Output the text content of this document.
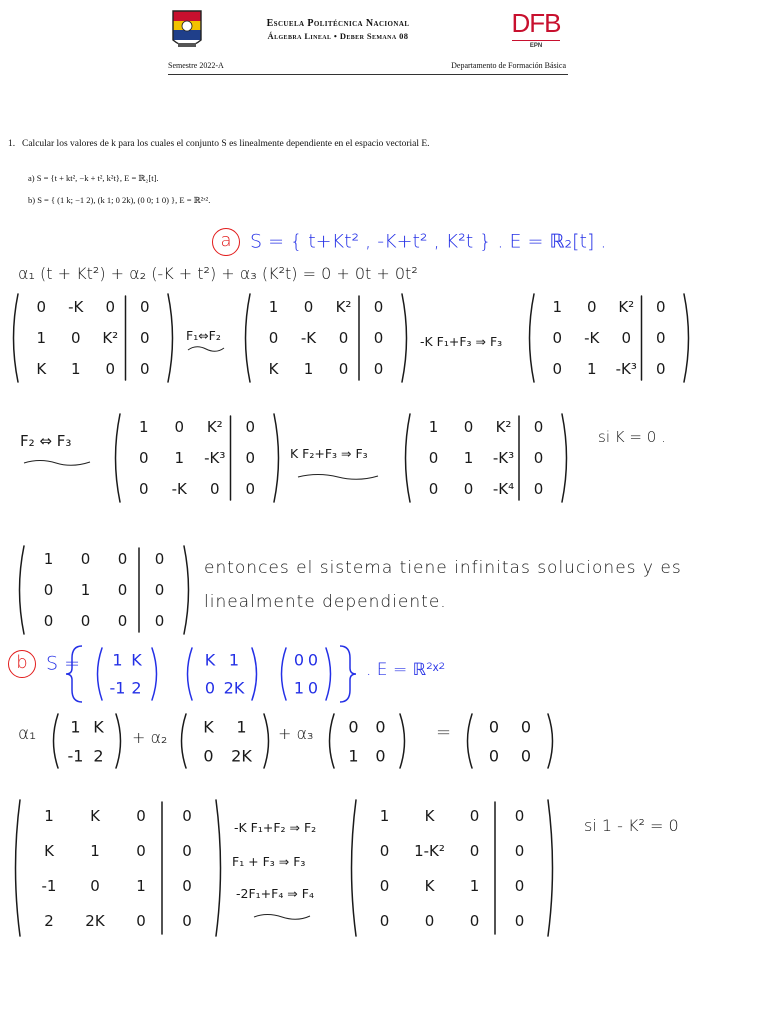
Escuela Politécnica Nacional
Álgebra Lineal • Deber Semana 08	DFB
EPN
Semestre 2022-A	Departamento de Formación Básica
1. Calcular los valores de k para los cuales el conjunto S es linealmente dependiente en el espacio vectorial E.
a) S = {t + kt², −k + t², k²t}, E = ℝ₂[t].
b) S = { (1 k; −1 2), (k 1; 0 2k), (0 0; 1 0) }, E = ℝ²ˣ².
a S = { t+Kt² , -K+t² , K²t } . E = ℝ₂[t] .
α₁ (t + Kt²) + α₂ (-K + t²) + α₃ (K²t) = 0 + 0t + 0t²
0 -K 0 0
1 0 K² 0
K 1 0 0
F₁⇔F₂
1 0 K² 0
0 -K 0 0
K 1 0 0
-K F₁+F₃ ⇒ F₃
1 0 K² 0
0 -K 0 0
0 1 -K³ 0
F₂ ⇔ F₃
1 0 K² 0
0 1 -K³ 0
0 -K 0 0
K F₂+F₃ ⇒ F₃
1 0 K² 0
0 1 -K³ 0
0 0 -K⁴ 0
si K = 0 .
1 0 0 0
0 1 0 0
0 0 0 0
entonces el sistema tiene infinitas soluciones y es
linealmente dependiente.
b S = 1 K
-1 2
K 1
0 2K
0 0
1 0
. E = ℝ²ˣ²
α₁ 1 K
-1 2
+ α₂
K 1
0 2K
+ α₃ 0 0
1 0
= 0 0
0 0
1 K 0 0
K 1 0 0
-1 0 1 0
2 2K 0 0
-K F₁+F₂ ⇒ F₂
F₁ + F₃ ⇒ F₃
-2F₁+F₄ ⇒ F₄
1 K 0 0
0 1-K² 0 0
0 K 1 0
0 0 0 0
si 1 - K² = 0
